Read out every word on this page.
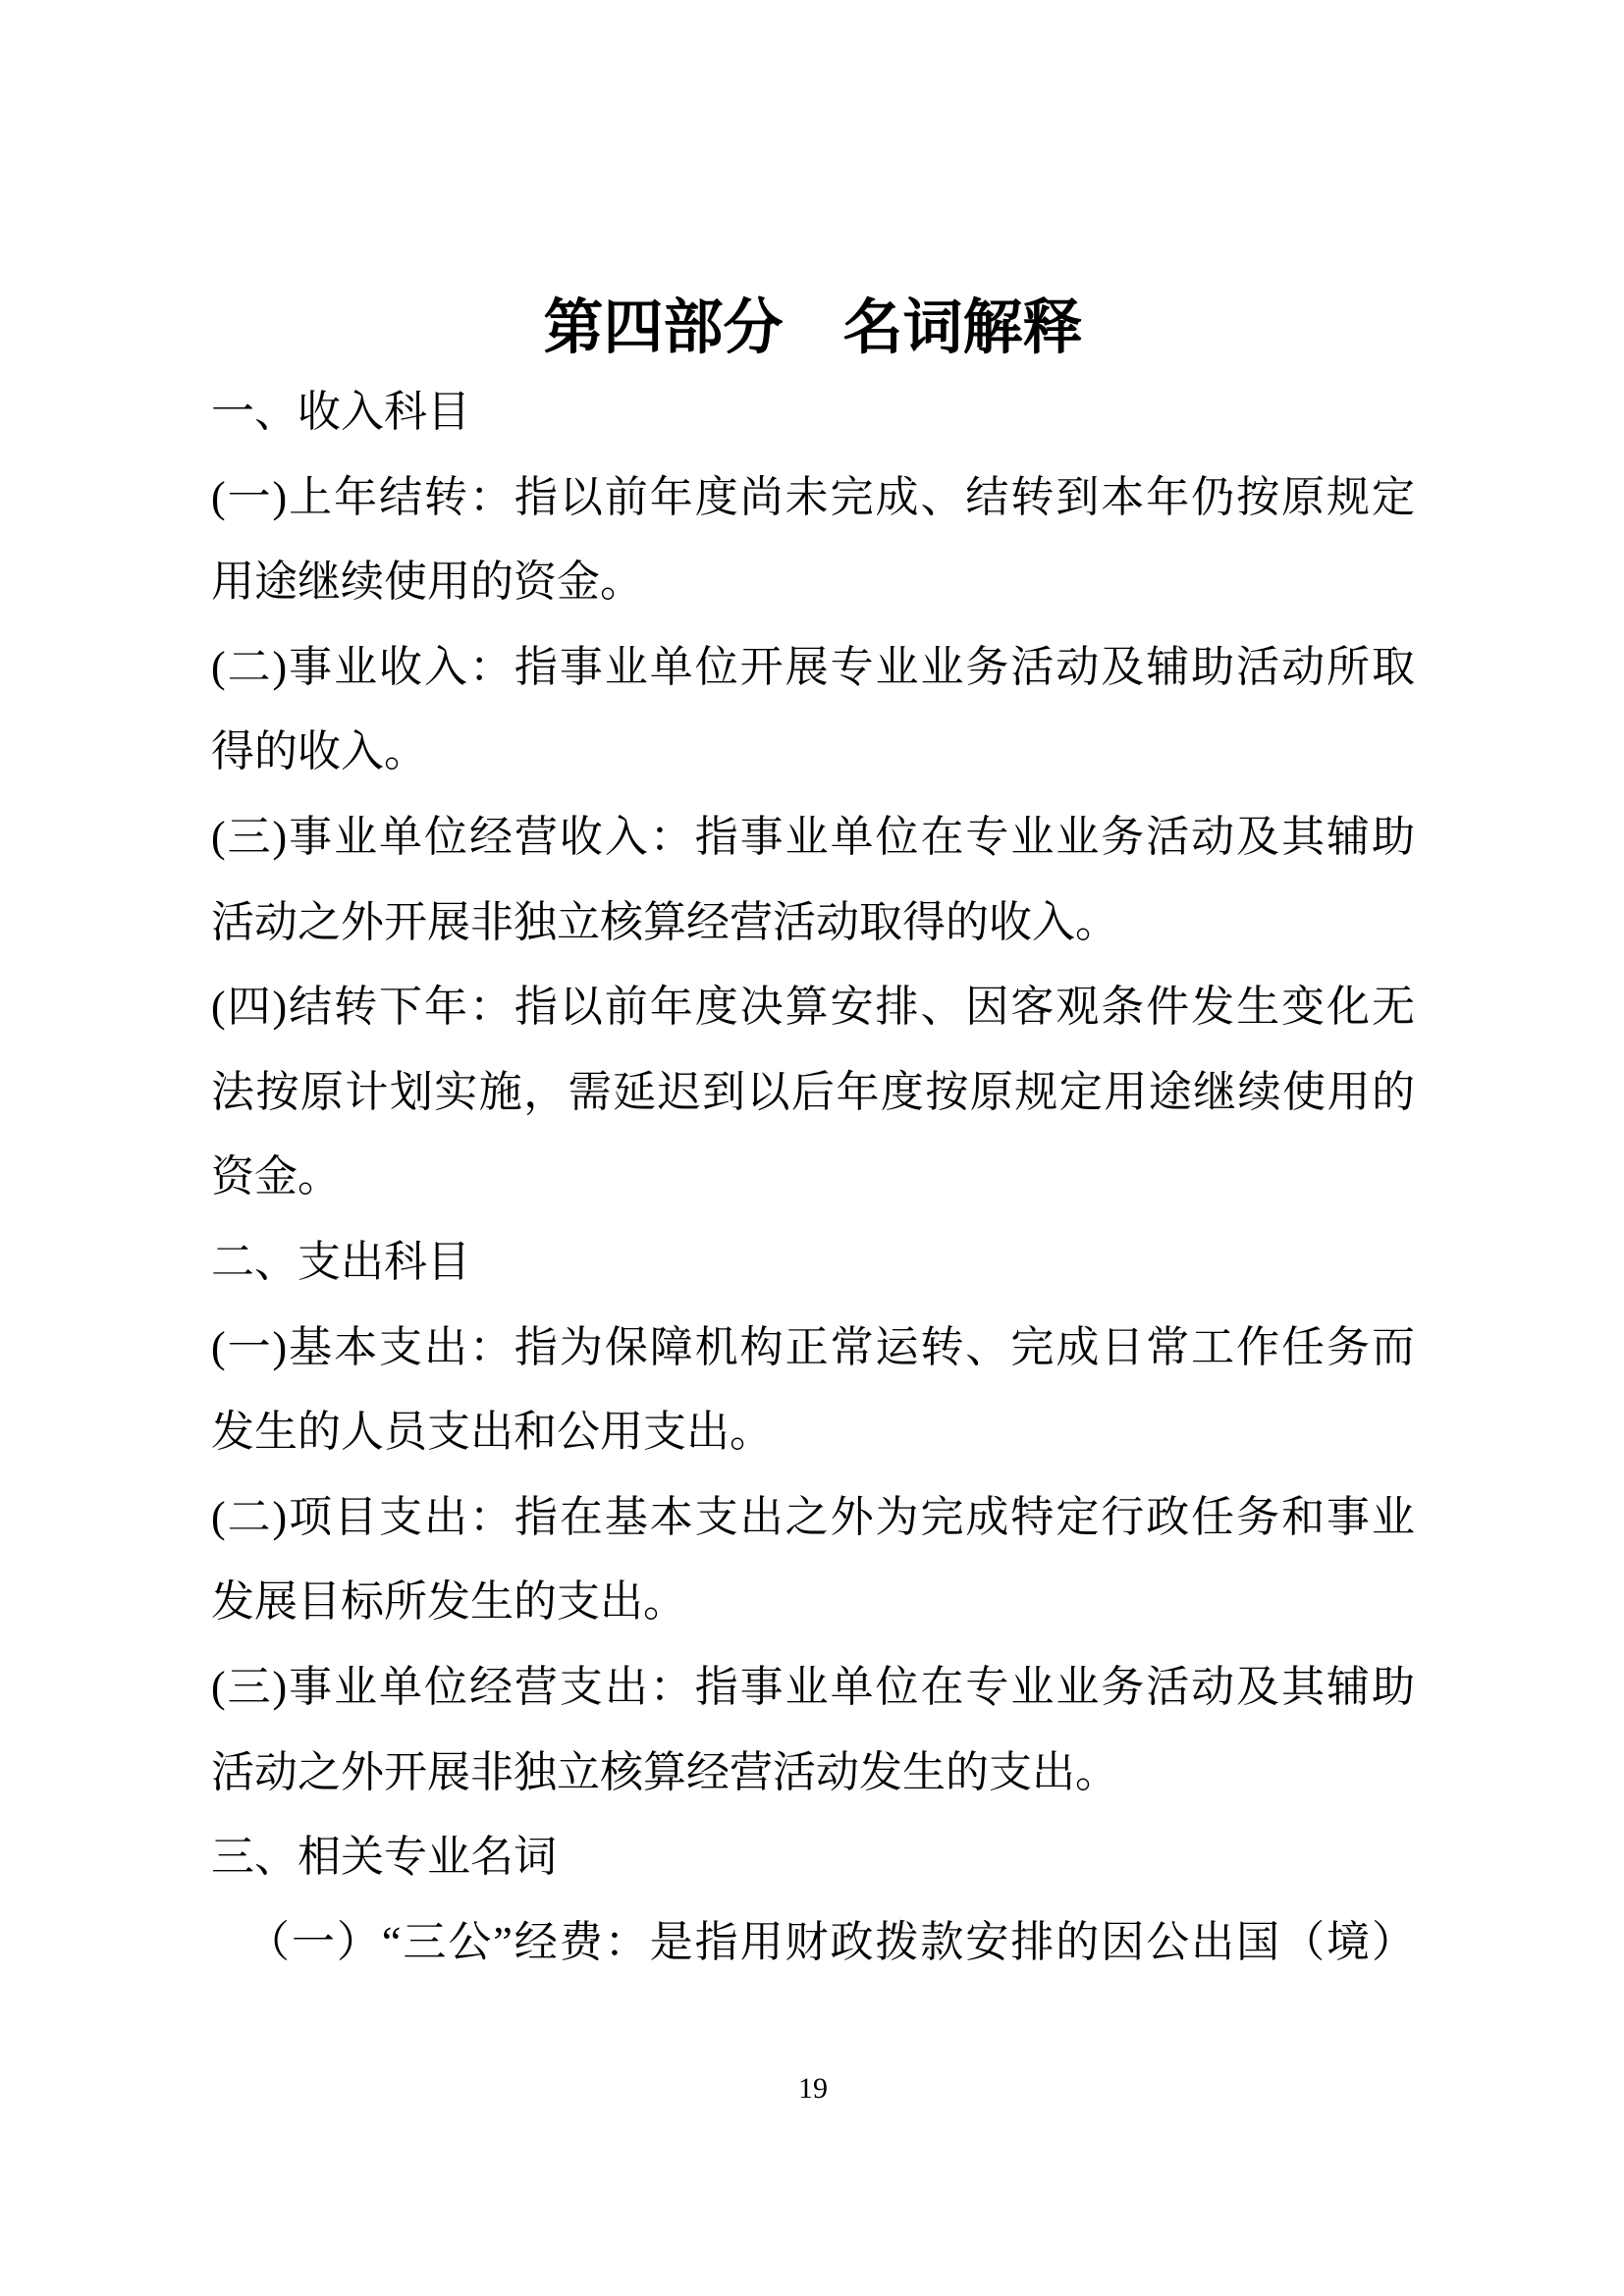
第四部分　名词解释
一、收入科目
(一)上年结转：指以前年度尚未完成、结转到本年仍按原规定
用途继续使用的资金。
(二)事业收入：指事业单位开展专业业务活动及辅助活动所取
得的收入。
(三)事业单位经营收入：指事业单位在专业业务活动及其辅助
活动之外开展非独立核算经营活动取得的收入。
(四)结转下年：指以前年度决算安排、因客观条件发生变化无
法按原计划实施，需延迟到以后年度按原规定用途继续使用的
资金。
二、支出科目
(一)基本支出：指为保障机构正常运转、完成日常工作任务而
发生的人员支出和公用支出。
(二)项目支出：指在基本支出之外为完成特定行政任务和事业
发展目标所发生的支出。
(三)事业单位经营支出：指事业单位在专业业务活动及其辅助
活动之外开展非独立核算经营活动发生的支出。
三、相关专业名词
（一）“三公”经费：是指用财政拨款安排的因公出国（境）
19
